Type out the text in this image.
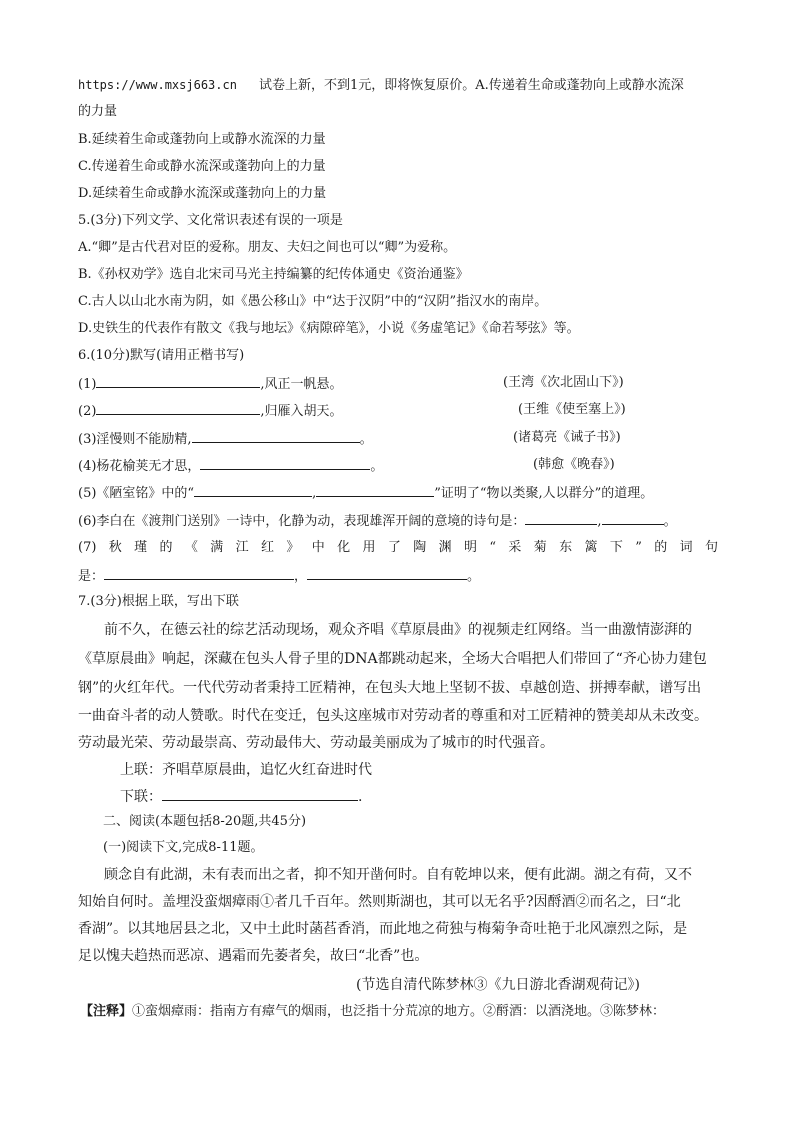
https://www.mxsj663.cn 试卷上新，不到1元，即将恢复原价。A.传递着生命或蓬勃向上或静水流深
的力量
B.延续着生命或蓬勃向上或静水流深的力量
C.传递着生命或静水流深或蓬勃向上的力量
D.延续着生命或静水流深或蓬勃向上的力量
5.(3分)下列文学、文化常识表述有误的一项是
A.“卿”是古代君对臣的爱称。朋友、夫妇之间也可以“卿”为爱称。
B.《孙权劝学》选自北宋司马光主持编纂的纪传体通史《资治通鉴》
C.古人以山北水南为阴，如《愚公移山》中“达于汉阴”中的“汉阴”指汉水的南岸。
D.史铁生的代表作有散文《我与地坛》《病隙碎笔》，小说《务虚笔记》《命若琴弦》等。
6.(10分)默写(请用正楷书写)
(1)	,风正一帆悬。	(王湾《次北固山下》)
(2)	,归雁入胡天。	(王维《使至塞上》)
(3)淫慢则不能励精,	。	(诸葛亮《诫子书》)
(4)杨花榆荚无才思，	。	(韩愈《晚春》)
(5)《陋室铭》中的“	,	”证明了“物以类聚,人以群分”的道理。
(6)李白在《渡荆门送别》一诗中，化静为动，表现雄浑开阔的意境的诗句是：	,	。
(7)秋瑾的《满江红》中化用了陶渊明“采菊东篱下”的词句
是：	，	。
7.(3分)根据上联，写出下联
前不久，在德云社的综艺活动现场，观众齐唱《草原晨曲》的视频走红网络。当一曲激情澎湃的
《草原晨曲》响起，深藏在包头人骨子里的DNA都跳动起来，全场大合唱把人们带回了“齐心协力建包
钢”的火红年代。一代代劳动者秉持工匠精神，在包头大地上坚韧不拔、卓越创造、拼搏奉献，谱写出
一曲奋斗者的动人赞歌。时代在变迁，包头这座城市对劳动者的尊重和对工匠精神的赞美却从未改变。
劳动最光荣、劳动最崇高、劳动最伟大、劳动最美丽成为了城市的时代强音。
上联：齐唱草原晨曲，追忆火红奋进时代
下联：	.
二、阅读(本题包括8-20题,共45分)
(一)阅读下文,完成8-11题。
顾念自有此湖，未有表而出之者，抑不知开凿何时。自有乾坤以来，便有此湖。湖之有荷，又不
知始自何时。盖埋没蛮烟瘴雨①者几千百年。然则斯湖也，其可以无名乎?因酹酒②而名之，曰“北
香湖”。以其地居县之北，又中土此时菡萏香消，而此地之荷独与梅菊争奇吐艳于北风凛烈之际，是
足以愧夫趋热而恶凉、遇霜而先萎者矣，故曰“北香”也。
(节选自清代陈梦林③《九日游北香湖观荷记》)
【注释】①蛮烟瘴雨：指南方有瘴气的烟雨，也泛指十分荒凉的地方。②酹酒：以酒浇地。③陈梦林：
